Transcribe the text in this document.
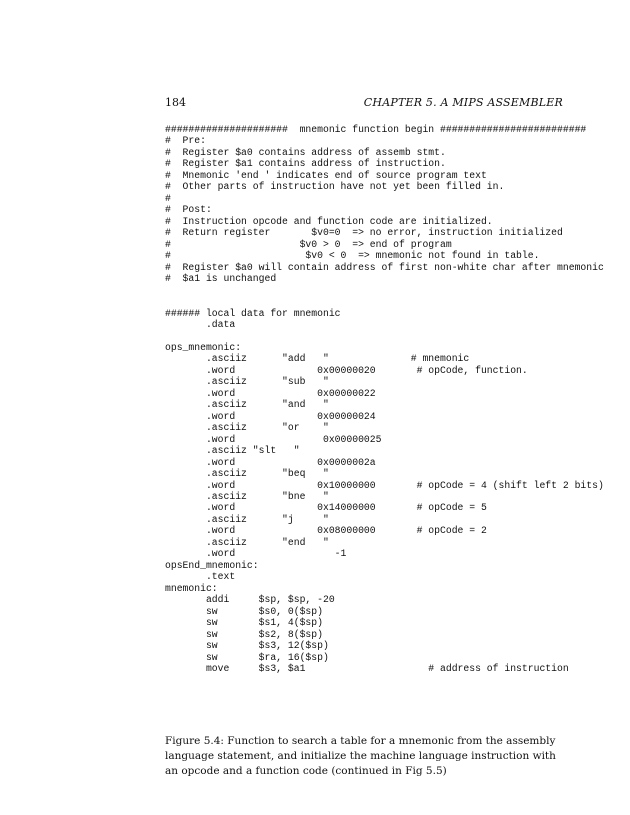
184	CHAPTER 5. A MIPS ASSEMBLER
#####################  mnemonic function begin #########################
#  Pre:
#  Register $a0 contains address of assemb stmt.
#  Register $a1 contains address of instruction.
#  Mnemonic 'end ' indicates end of source program text
#  Other parts of instruction have not yet been filled in.
#
#  Post:
#  Instruction opcode and function code are initialized.
#  Return register       $v0=0  => no error, instruction initialized
#                      $v0 > 0  => end of program
#                       $v0 < 0  => mnemonic not found in table.
#  Register $a0 will contain address of first non-white char after mnemonic
#  $a1 is unchanged

###### local data for mnemonic
.data

ops_mnemonic:
.asciiz      "add   "              # mnemonic
.word              0x00000020       # opCode, function.
.asciiz      "sub   "
.word              0x00000022
.asciiz      "and   "
.word              0x00000024
.asciiz      "or    "
.word               0x00000025
.asciiz "slt   "
.word              0x0000002a
.asciiz      "beq   "
.word              0x10000000       # opCode = 4 (shift left 2 bits)
.asciiz      "bne   "
.word              0x14000000       # opCode = 5
.asciiz      "j     "
.word              0x08000000       # opCode = 2
.asciiz      "end   "
.word                 -1
opsEnd_mnemonic:
.text
mnemonic:
addi     $sp, $sp, -20
sw       $s0, 0($sp)
sw       $s1, 4($sp)
sw       $s2, 8($sp)
sw       $s3, 12($sp)
sw       $ra, 16($sp)
move     $s3, $a1                     # address of instruction
Figure 5.4: Function to search a table for a mnemonic from the assembly language statement, and initialize the machine language instruction with an opcode and a function code (continued in Fig 5.5)
